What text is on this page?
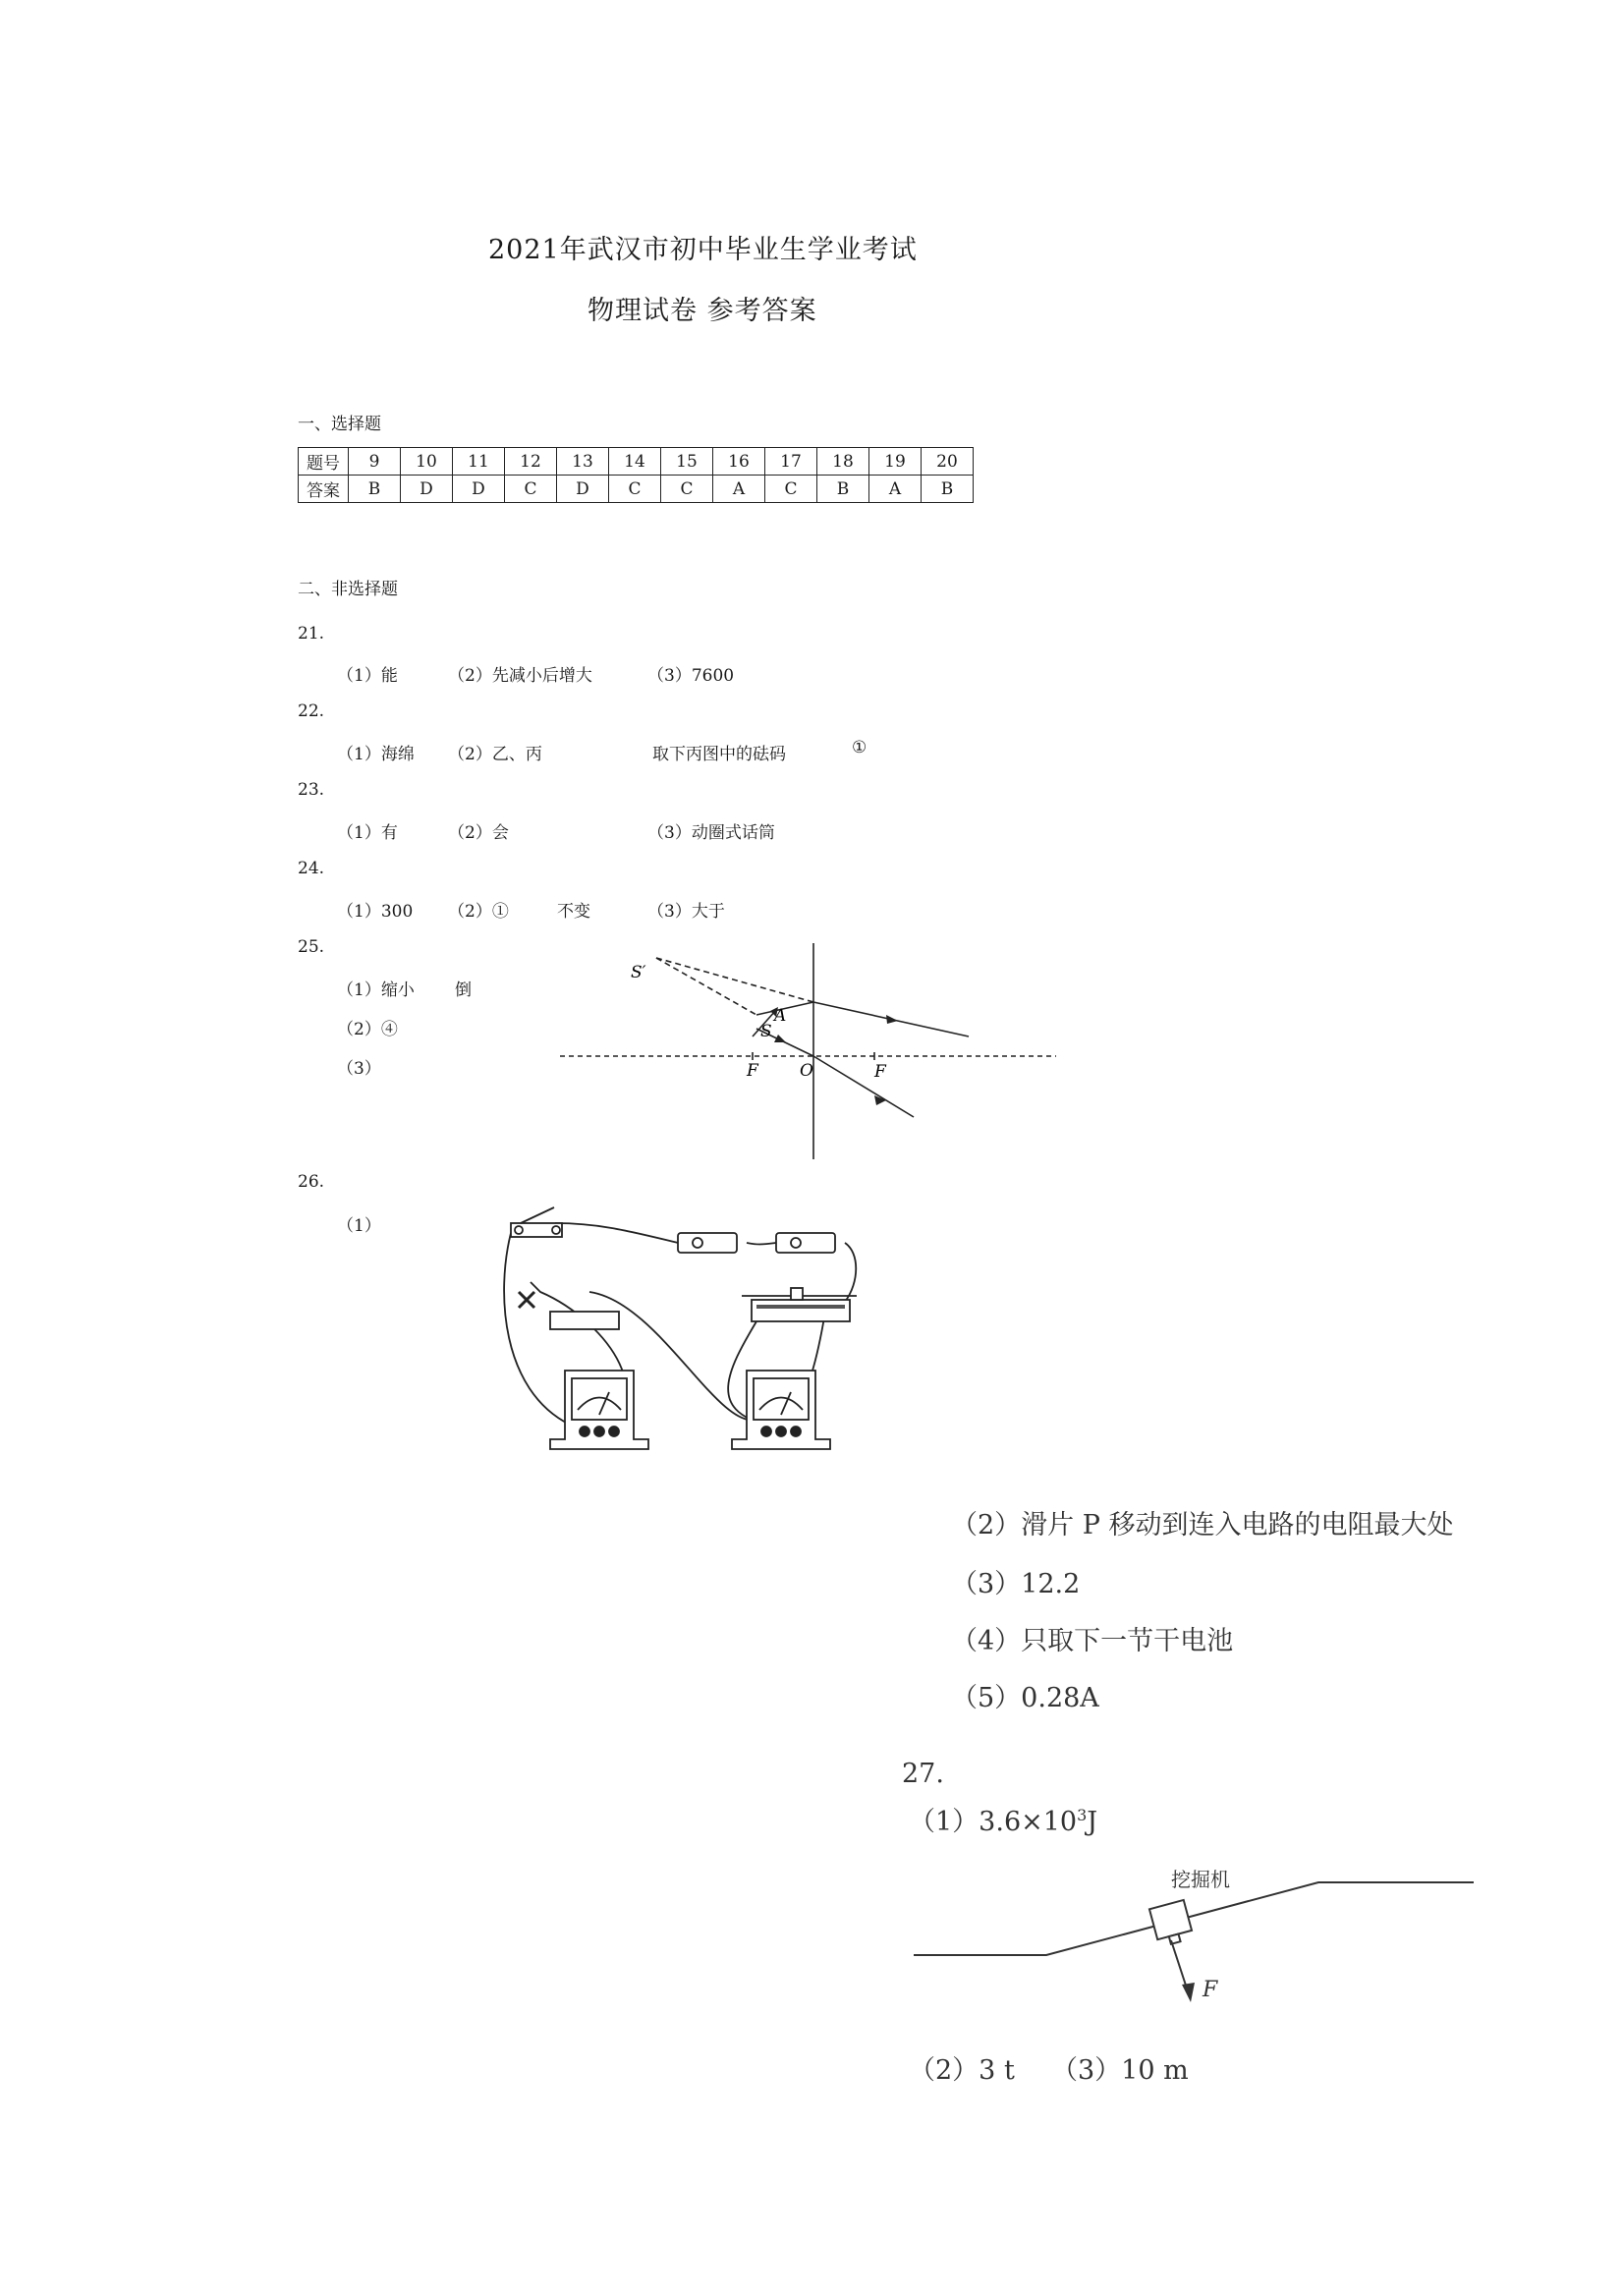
2021年武汉市初中毕业生学业考试
物理试卷 参考答案
一、选择题
题号	9	10	11	12	13	14	15	16	17	18	19	20
答案	B	D	D	C	D	C	C	A	C	B	A	B
二、非选择题
21.
（1）能	（2）先减小后增大	（3）7600
22.
（1）海绵 （2）乙、丙	取下丙图中的砝码	①
23.
（1）有	（2）会	（3）动圈式话筒
24.
（1）300 （2）①	不变	（3）大于
25.
（1）缩小 倒
（2）④
（3）
S′
S
A
F O	F
26.
（1）
（2）滑片 P 移动到连入电路的电阻最大处
（3）12.2
（4）只取下一节干电池
（5）0.28A
27.
$(1)3.6\times 10^3J$
挖掘机
F
（2）3 t （3）10 m
